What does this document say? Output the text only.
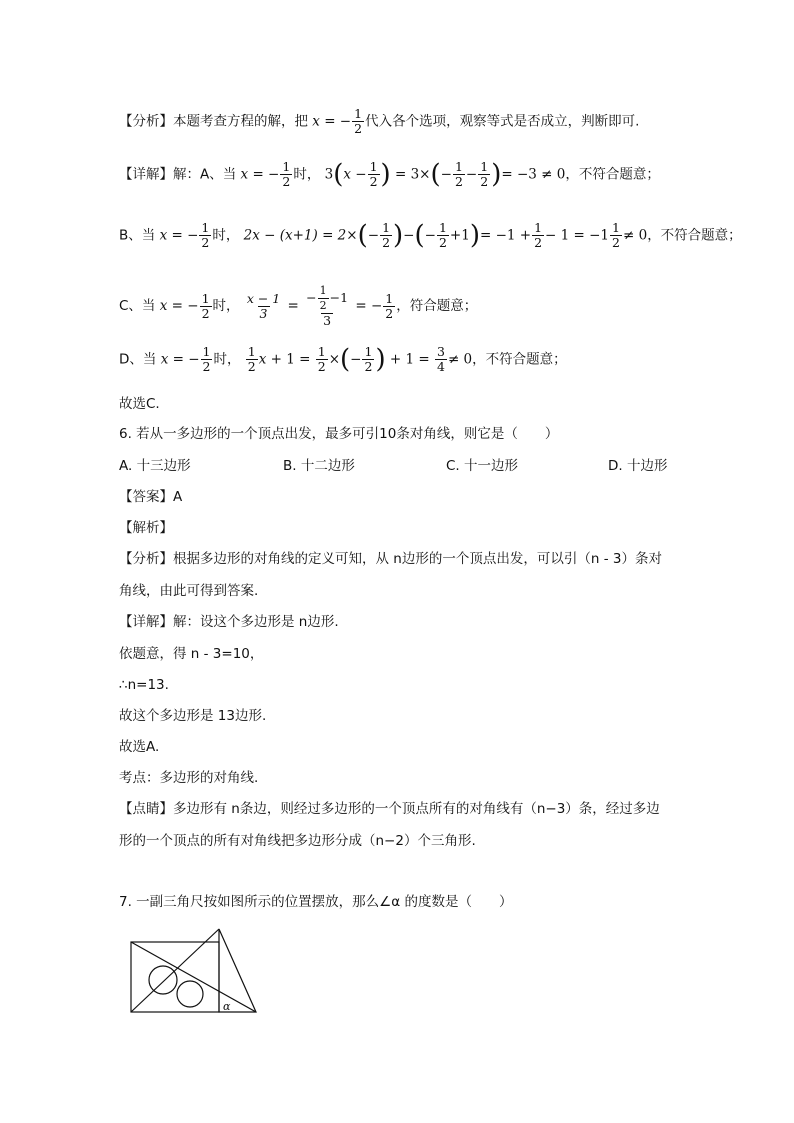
【分析】本题考查方程的解，把 x = − $\frac{1}{2}$ 代入各个选项，观察等式是否成立，判断即可.
【详解】解：A、当 x = − $\frac{1}{2}$ 时， $3(x - \frac{1}{2}$ ) = $3\times(- \frac{1}{2} - \frac{1}{2}$ )= −3 ≠ 0，不符合题意；
B、当 x = − $\frac{1}{2}$ 时， $2x - (x+1) = 2\times(- \frac{1}{2}$ )−(− $\frac{1}{2} +1)= -1 + \frac{1}{2} - 1 = -1 \frac{1}{2} \ne 0$，不符合题意；
C、当 x = − $\frac{1}{2}$ 时， $\frac{x - 1}{3} = \frac{- \frac{1}{2} -1}{3}$ = − $\frac{1}{2}$ ，符合题意；
D、当 x = − $\frac{1}{2}$ 时， $\frac{1}{2}$ $x + 1 = \frac{1}{2}$ ×(− $\frac{1}{2}$ ) + $1 = \frac{3}{4} \ne 0$，不符合题意；
故选C.
6. 若从一多边形的一个顶点出发，最多可引10条对角线，则它是（　　）
A. 十三边形	B. 十二边形	C. 十一边形	D. 十边形
【答案】A
【解析】
【分析】根据多边形的对角线的定义可知，从 n边形的一个顶点出发，可以引（n - 3）条对
角线，由此可得到答案.
【详解】解：设这个多边形是 n边形.
依题意，得 n - 3=10，
∴n=13.
故这个多边形是 13边形.
故选A.
考点：多边形的对角线.
【点睛】多边形有 n条边，则经过多边形的一个顶点所有的对角线有（n−3）条，经过多边
形的一个顶点的所有对角线把多边形分成（n−2）个三角形.
7. 一副三角尺按如图所示的位置摆放，那么∠α 的度数是（　　）
α
